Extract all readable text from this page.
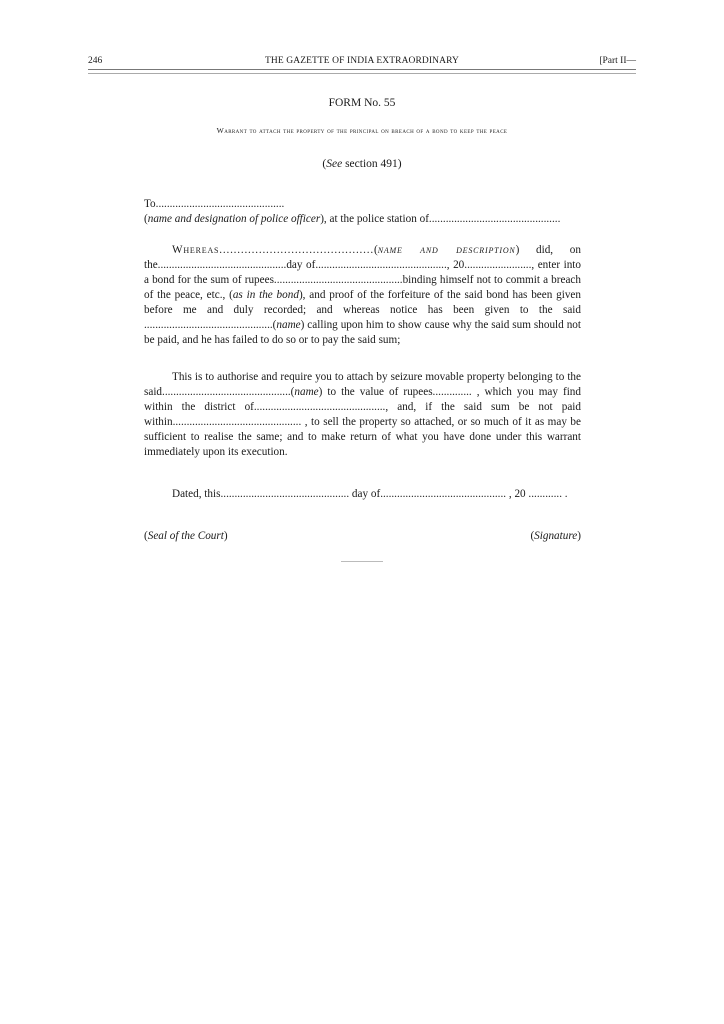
246	THE GAZETTE OF INDIA EXTRAORDINARY	[Part II—
FORM No. 55
Warrant to attach the property of the principal on breach of a bond to keep the peace
(See section 491)
To..............................................
(name and designation of police officer), at the police station of...............................................
Whereas...........................................(name and description) did, on the..............................................day of..............................................., 20........................, enter into a bond for the sum of rupees..............................................binding himself not to commit a breach of the peace, etc., (as in the bond), and proof of the forfeiture of the said bond has been given before me and duly recorded; and whereas notice has been given to the said ..............................................(name) calling upon him to show cause why the said sum should not be paid, and he has failed to do so or to pay the said sum;
This is to authorise and require you to attach by seizure movable property belonging to the said..............................................(name) to the value of rupees.............. , which you may find within the district of..............................................., and, if the said sum be not paid within.............................................. , to sell the property so attached, or so much of it as may be sufficient to realise the same; and to make return of what you have done under this warrant immediately upon its execution.
Dated, this.............................................. day of............................................. , 20 ............ .
(Seal of the Court)	(Signature)
